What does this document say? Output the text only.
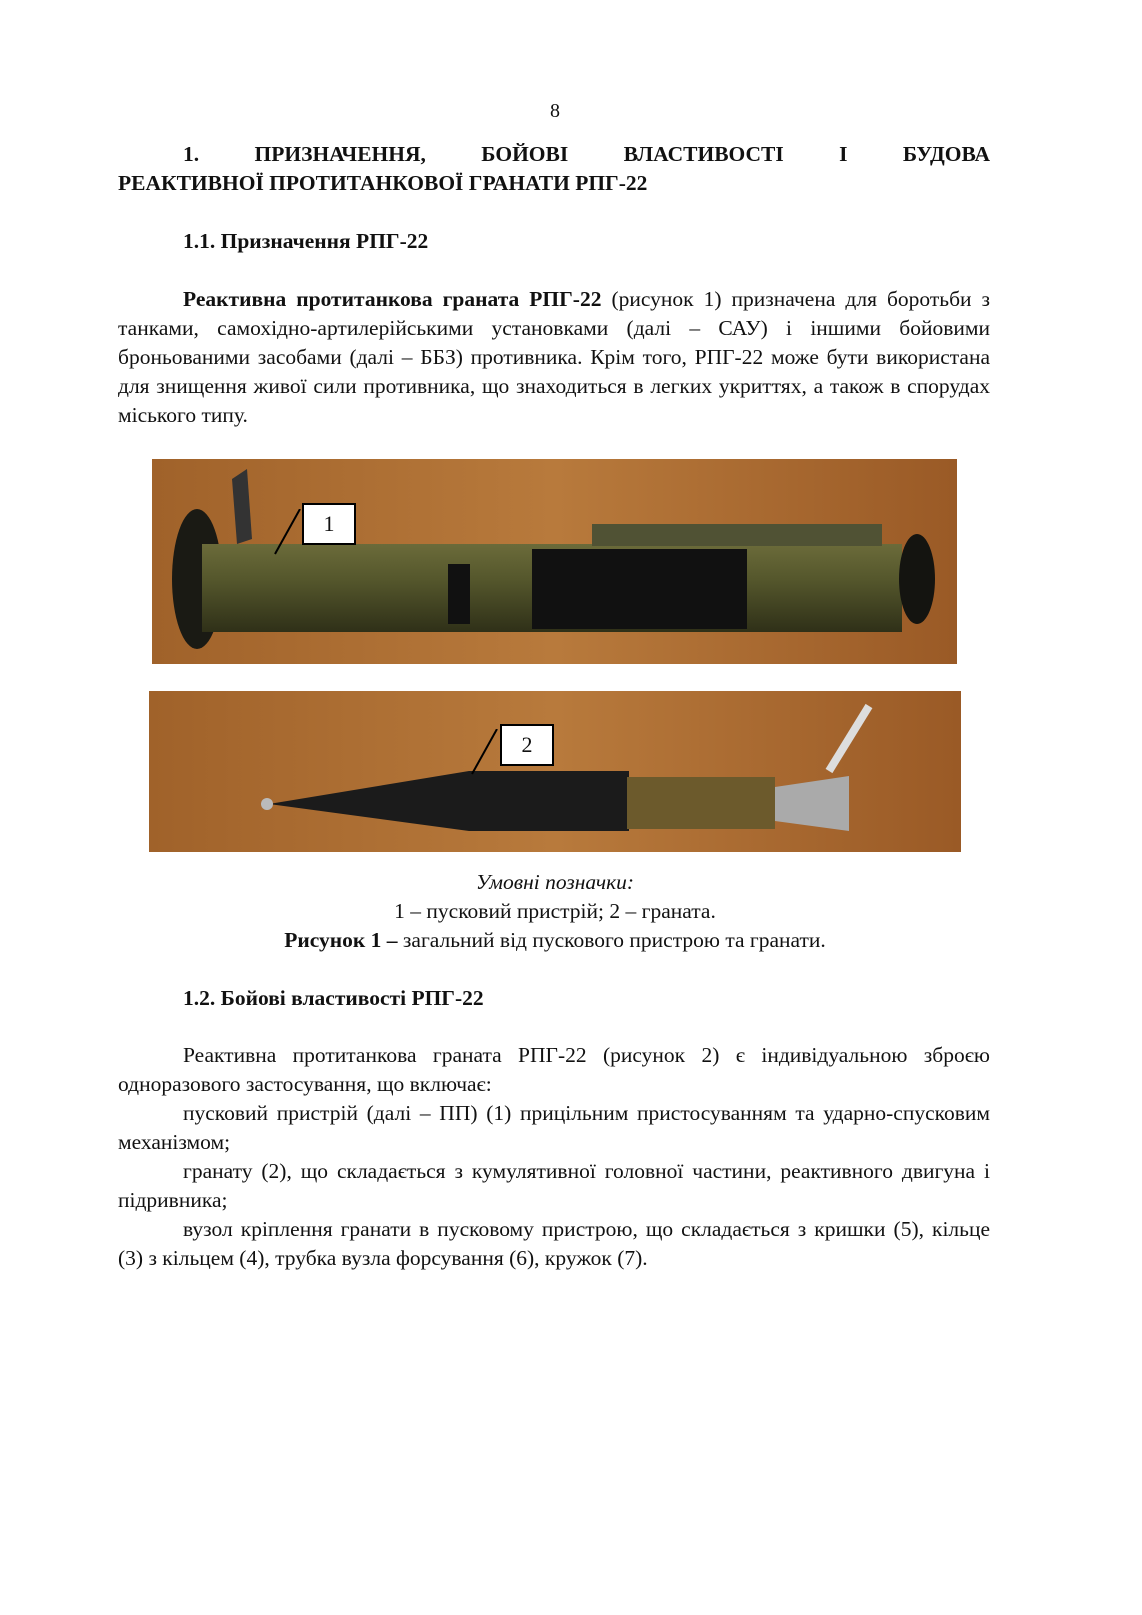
8
1. ПРИЗНАЧЕННЯ, БОЙОВІ ВЛАСТИВОСТІ І БУДОВА
РЕАКТИВНОЇ ПРОТИТАНКОВОЇ ГРАНАТИ РПГ-22
1.1. Призначення РПГ-22
Реактивна протитанкова граната РПГ-22 (рисунок 1) призначена для боротьби з танками, самохідно-артилерійськими установками (далі – САУ) і іншими бойовими броньованими засобами (далі – ББЗ) противника. Крім того, РПГ-22 може бути використана для знищення живої сили противника, що знаходиться в легких укриттях, а також в спорудах міського типу.
1
2
Умовні позначки:
1 – пусковий пристрій; 2 – граната.
Рисунок 1 – загальний від пускового пристрою та гранати.
1.2. Бойові властивості РПГ-22
Реактивна протитанкова граната РПГ-22 (рисунок 2) є індивідуальною зброєю одноразового застосування, що включає:
пусковий пристрій (далі – ПП) (1) прицільним пристосуванням та ударно-спусковим механізмом;
гранату (2), що складається з кумулятивної головної частини, реактивного двигуна і підривника;
вузол кріплення гранати в пусковому пристрою, що складається з кришки (5), кільце (3) з кільцем (4), трубка вузла форсування (6), кружок (7).
